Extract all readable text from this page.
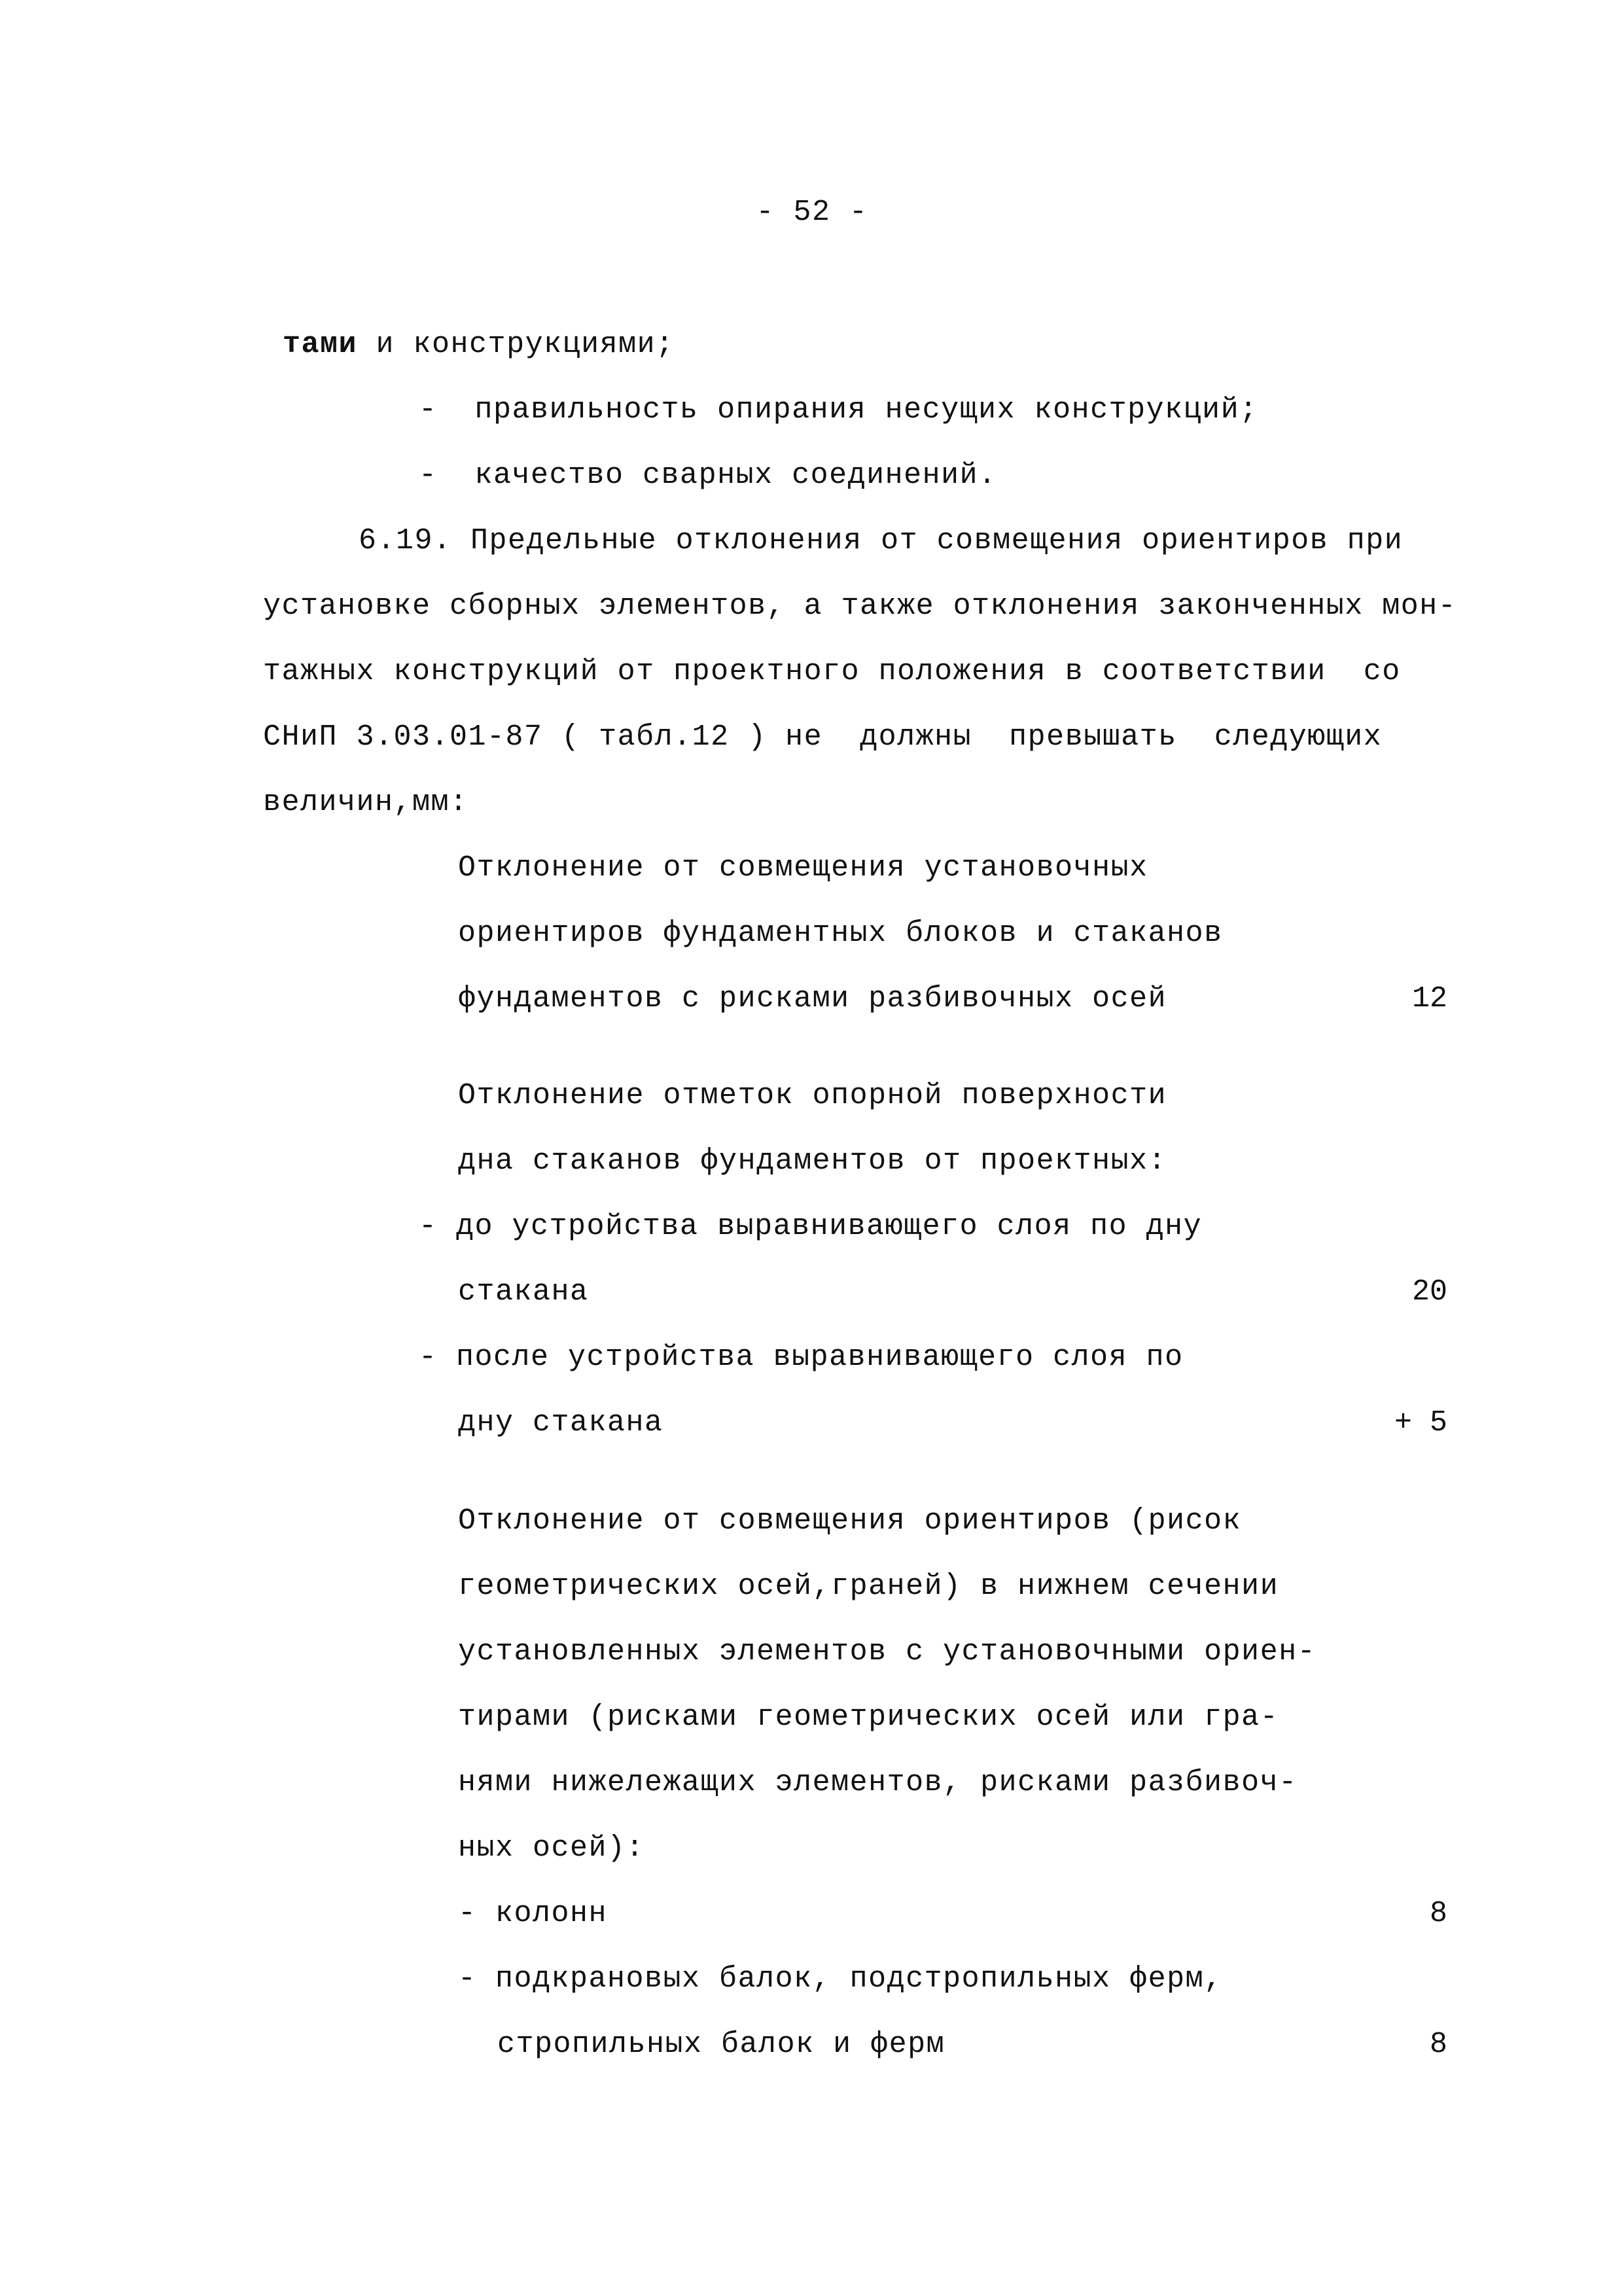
- 52 -
тами и конструкциями;
-  правильность опирания несущих конструкций;
-  качество сварных соединений.
6.19. Предельные отклонения от совмещения ориентиров при
установке сборных элементов, а также отклонения законченных мон-
тажных конструкций от проектного положения в соответствии  со
СНиП 3.03.01-87 ( табл.12 ) не  должны  превышать  следующих
величин,мм:
Отклонение от совмещения установочных
ориентиров фундаментных блоков и стаканов
фундаментов с рисками разбивочных осей	12
Отклонение отметок опорной поверхности
дна стаканов фундаментов от проектных:
- до устройства выравнивающего слоя по дну
стакана	20
- после устройства выравнивающего слоя по
дну стакана	+ 5
Отклонение от совмещения ориентиров (рисок
геометрических осей,граней) в нижнем сечении
установленных элементов с установочными ориен-
тирами (рисками геометрических осей или гра-
нями нижележащих элементов, рисками разбивоч-
ных осей):
- колонн	8
- подкрановых балок, подстропильных ферм,
стропильных балок и ферм	8
